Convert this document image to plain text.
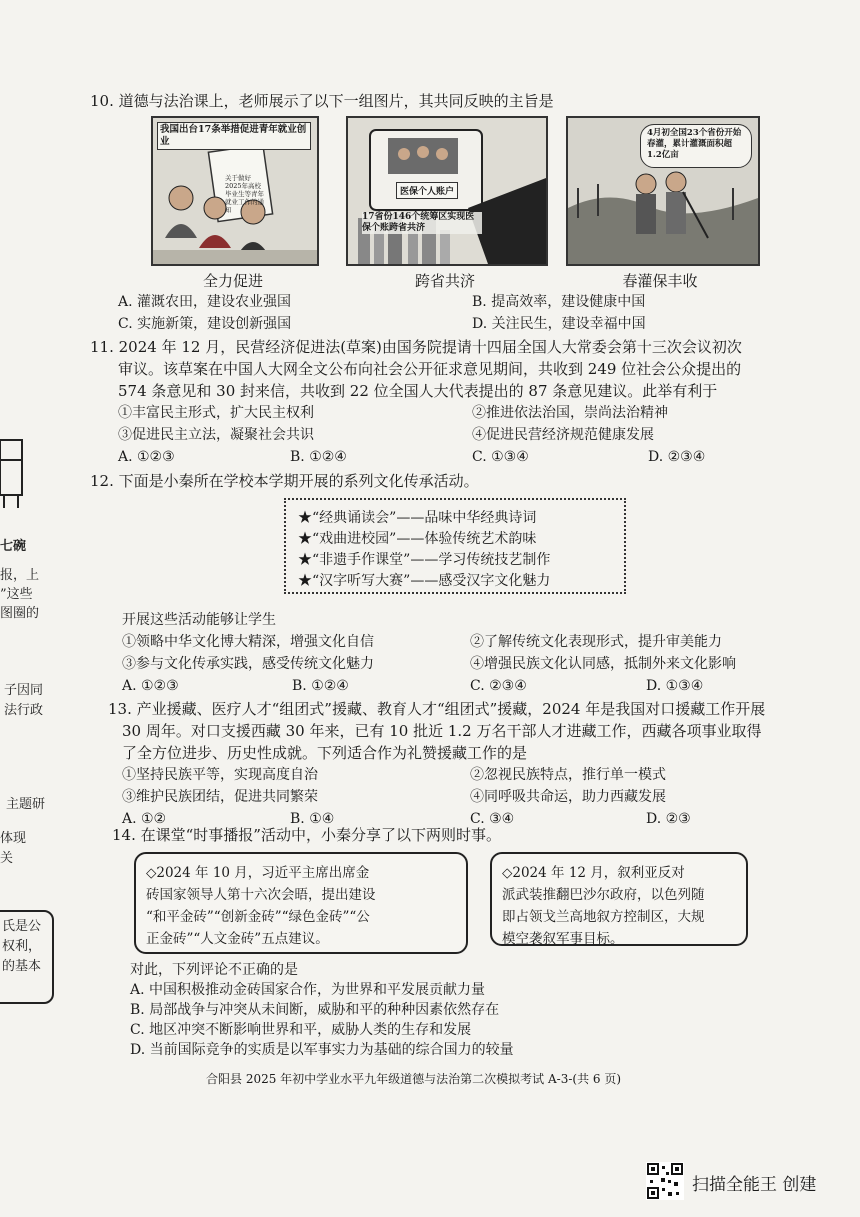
七碗
报，上
”这些
图圈的
子因同
法行政
主题研
体现
关
氏是公
权利，
的基本
10. 道德与法治课上，老师展示了以下一组图片，其共同反映的主旨是
我国出台17条举措促进青年就业创业
关于做好2025年高校毕业生等青年就业工作的通知
全力促进
医保个人账户
17省份146个统筹区实现医保个账跨省共济
跨省共济
4月初全国23个省份开始春灌，累计灌溉面积超1.2亿亩
春灌保丰收
A. 灌溉农田，建设农业强国	B. 提高效率，建设健康中国
C. 实施新策，建设创新强国	D. 关注民生，建设幸福中国
11. 2024 年 12 月，民营经济促进法(草案)由国务院提请十四届全国人大常委会第十三次会议初次
审议。该草案在中国人大网全文公布向社会公开征求意见期间，共收到 249 位社会公众提出的
574 条意见和 30 封来信，共收到 22 位全国人大代表提出的 87 条意见建议。此举有利于
①丰富民主形式，扩大民主权利	②推进依法治国，崇尚法治精神
③促进民主立法，凝聚社会共识	④促进民营经济规范健康发展
A. ①②③	B. ①②④	C. ①③④	D. ②③④
12. 下面是小秦所在学校本学期开展的系列文化传承活动。
★“经典诵读会”——品味中华经典诗词
★“戏曲进校园”——体验传统艺术韵味
★“非遗手作课堂”——学习传统技艺制作
★“汉字听写大赛”——感受汉字文化魅力
开展这些活动能够让学生
①领略中华文化博大精深，增强文化自信	②了解传统文化表现形式，提升审美能力
③参与文化传承实践，感受传统文化魅力	④增强民族文化认同感，抵制外来文化影响
A. ①②③	B. ①②④	C. ②③④	D. ①③④
13. 产业援藏、医疗人才“组团式”援藏、教育人才“组团式”援藏，2024 年是我国对口援藏工作开展
30 周年。对口支援西藏 30 年来，已有 10 批近 1.2 万名干部人才进藏工作，西藏各项事业取得
了全方位进步、历史性成就。下列适合作为礼赞援藏工作的是
①坚持民族平等，实现高度自治	②忽视民族特点，推行单一模式
③维护民族团结，促进共同繁荣	④同呼吸共命运，助力西藏发展
A. ①②	B. ①④	C. ③④	D. ②③
14. 在课堂“时事播报”活动中，小秦分享了以下两则时事。
◇2024 年 10 月，习近平主席出席金
砖国家领导人第十六次会晤，提出建设
“和平金砖”“创新金砖”“绿色金砖”“公
正金砖”“人文金砖”五点建议。
◇2024 年 12 月，叙利亚反对
派武装推翻巴沙尔政府，以色列随
即占领戈兰高地叙方控制区，大规
模空袭叙军事目标。
对此，下列评论不正确的是
A. 中国积极推动金砖国家合作，为世界和平发展贡献力量
B. 局部战争与冲突从未间断，威胁和平的种种因素依然存在
C. 地区冲突不断影响世界和平，威胁人类的生存和发展
D. 当前国际竞争的实质是以军事实力为基础的综合国力的较量
合阳县 2025 年初中学业水平九年级道德与法治第二次模拟考试 A-3-(共 6 页)
扫描全能王 创建
